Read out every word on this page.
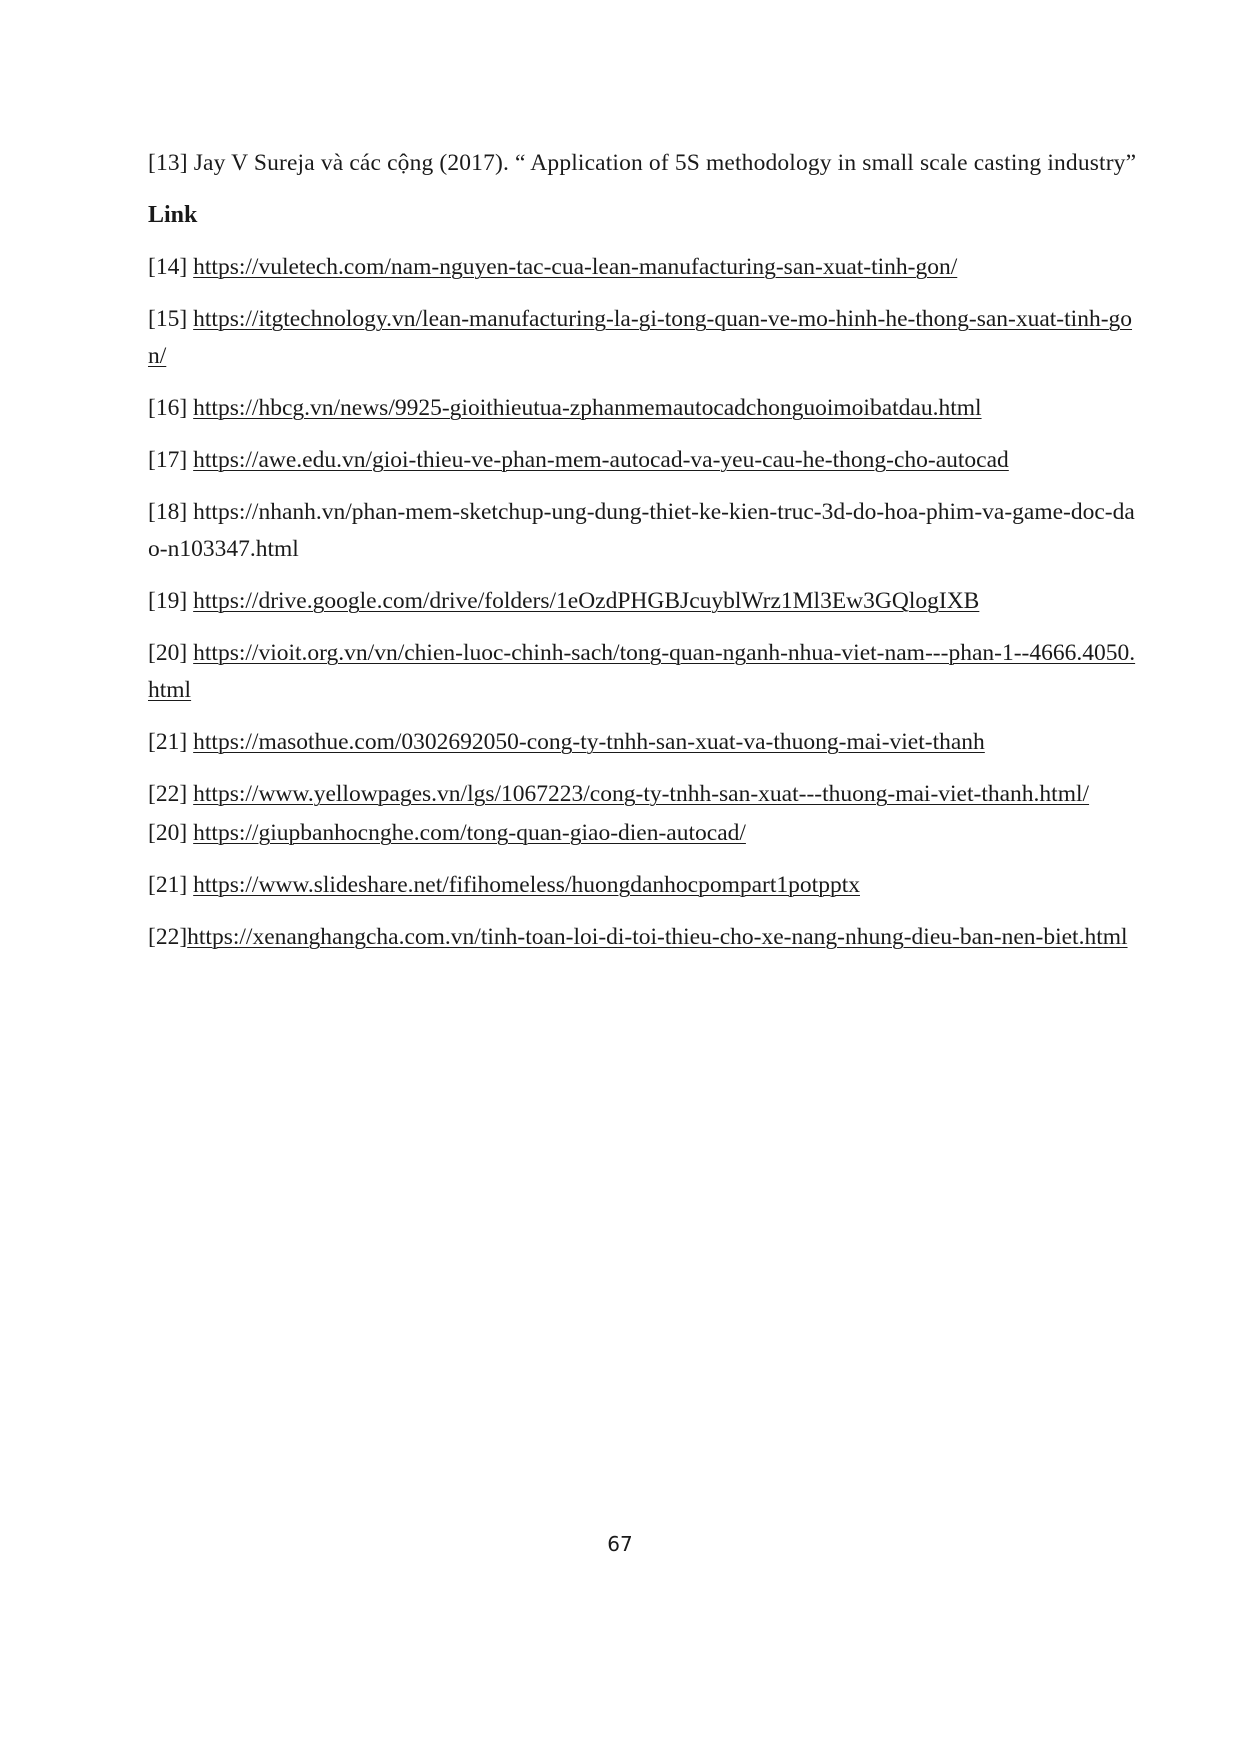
[13] Jay V Sureja và các cộng (2017). “ Application of 5S methodology in small scale casting industry”

Link

[14] https://vuletech.com/nam-nguyen-tac-cua-lean-manufacturing-san-xuat-tinh-gon/

[15] https://itgtechnology.vn/lean-manufacturing-la-gi-tong-quan-ve-mo-hinh-he-thong-san-xuat-tinh-gon/

[16] https://hbcg.vn/news/9925-gioithieutua-zphanmemautocadchonguoimoibatdau.html

[17] https://awe.edu.vn/gioi-thieu-ve-phan-mem-autocad-va-yeu-cau-he-thong-cho-autocad

[18] https://nhanh.vn/phan-mem-sketchup-ung-dung-thiet-ke-kien-truc-3d-do-hoa-phim-va-game-doc-dao-n103347.html

[19] https://drive.google.com/drive/folders/1eOzdPHGBJcuyblWrz1Ml3Ew3GQlogIXB

[20] https://vioit.org.vn/vn/chien-luoc-chinh-sach/tong-quan-nganh-nhua-viet-nam---phan-1--4666.4050.html

[21] https://masothue.com/0302692050-cong-ty-tnhh-san-xuat-va-thuong-mai-viet-thanh

[22] https://www.yellowpages.vn/lgs/1067223/cong-ty-tnhh-san-xuat---thuong-mai-viet-thanh.html/

[20] https://giupbanhocnghe.com/tong-quan-giao-dien-autocad/

[21] https://www.slideshare.net/fifihomeless/huongdanhocpompart1potpptx

[22]https://xenanghangcha.com.vn/tinh-toan-loi-di-toi-thieu-cho-xe-nang-nhung-dieu-ban-nen-biet.html

67
